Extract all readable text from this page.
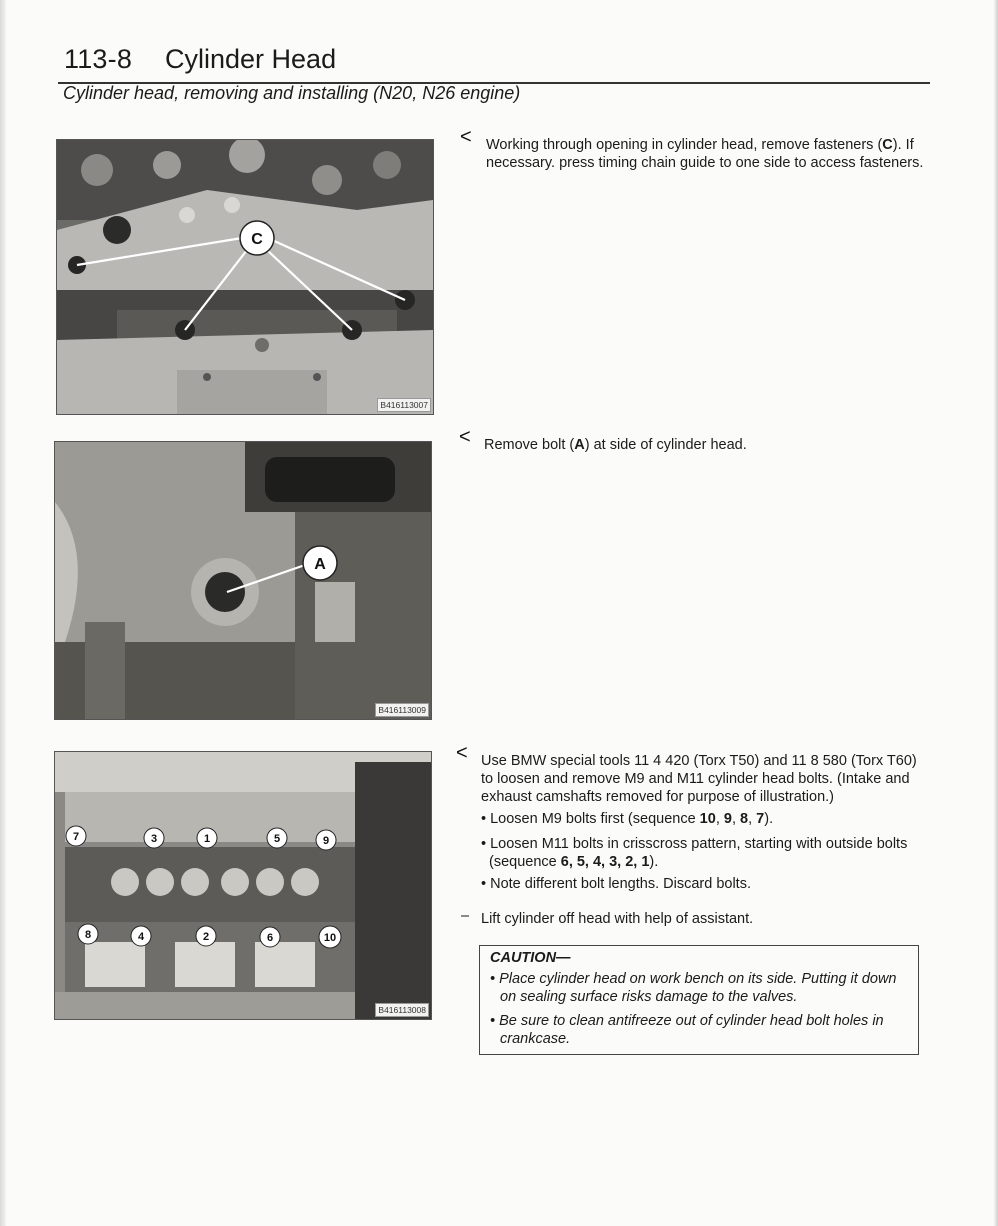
113-8 Cylinder Head
Cylinder head, removing and installing (N20, N26 engine)
C
B416113007
A
B416113009
7	3	1	5	9
8	4	2	6	10
B416113008
< Working through opening in cylinder head, remove fasteners (C). If
necessary. press timing chain guide to one side to access fasteners.
< Remove bolt (A) at side of cylinder head.
< Use BMW special tools 11 4 420 (Torx T50) and 11 8 580 (Torx T60)
to loosen and remove M9 and M11 cylinder head bolts. (Intake and
exhaust camshafts removed for purpose of illustration.)
• Loosen M9 bolts first (sequence 10, 9, 8, 7).
• Loosen M11 bolts in crisscross pattern, starting with outside bolts
(sequence 6, 5, 4, 3, 2, 1).
• Note different bolt lengths. Discard bolts.
– Lift cylinder off head with help of assistant.
CAUTION—
• Place cylinder head on work bench on its side. Putting it down
on sealing surface risks damage to the valves.
• Be sure to clean antifreeze out of cylinder head bolt holes in
crankcase.
